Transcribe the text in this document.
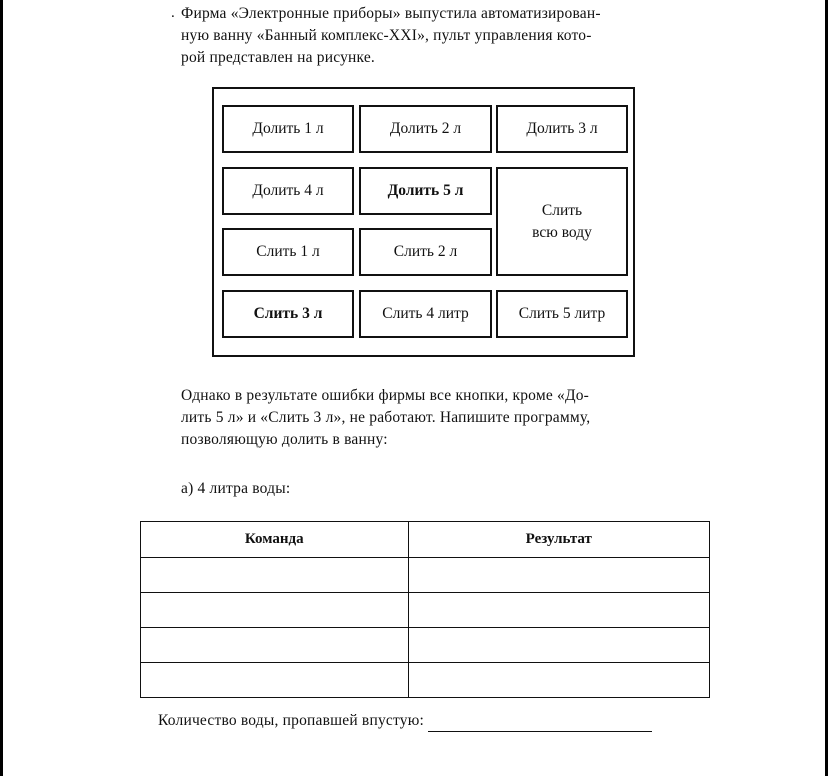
. Фирма «Электронные приборы» выпустила автоматизирован-
ную ванну «Банный комплекс-XXI», пульт управления кото-
рой представлен на рисунке.
Долить 1 л	Долить 2 л	Долить 3 л
Долить 4 л	Долить 5 л
Слить
всю воду
Слить 1 л	Слить 2 л
Слить 3 л	Слить 4 литр	Слить 5 литр
Однако в результате ошибки фирмы все кнопки, кроме «До-
лить 5 л» и «Слить 3 л», не работают. Напишите программу,
позволяющую долить в ванну:
а) 4 литра воды:
Команда	Результат

Количество воды, пропавшей впустую:
